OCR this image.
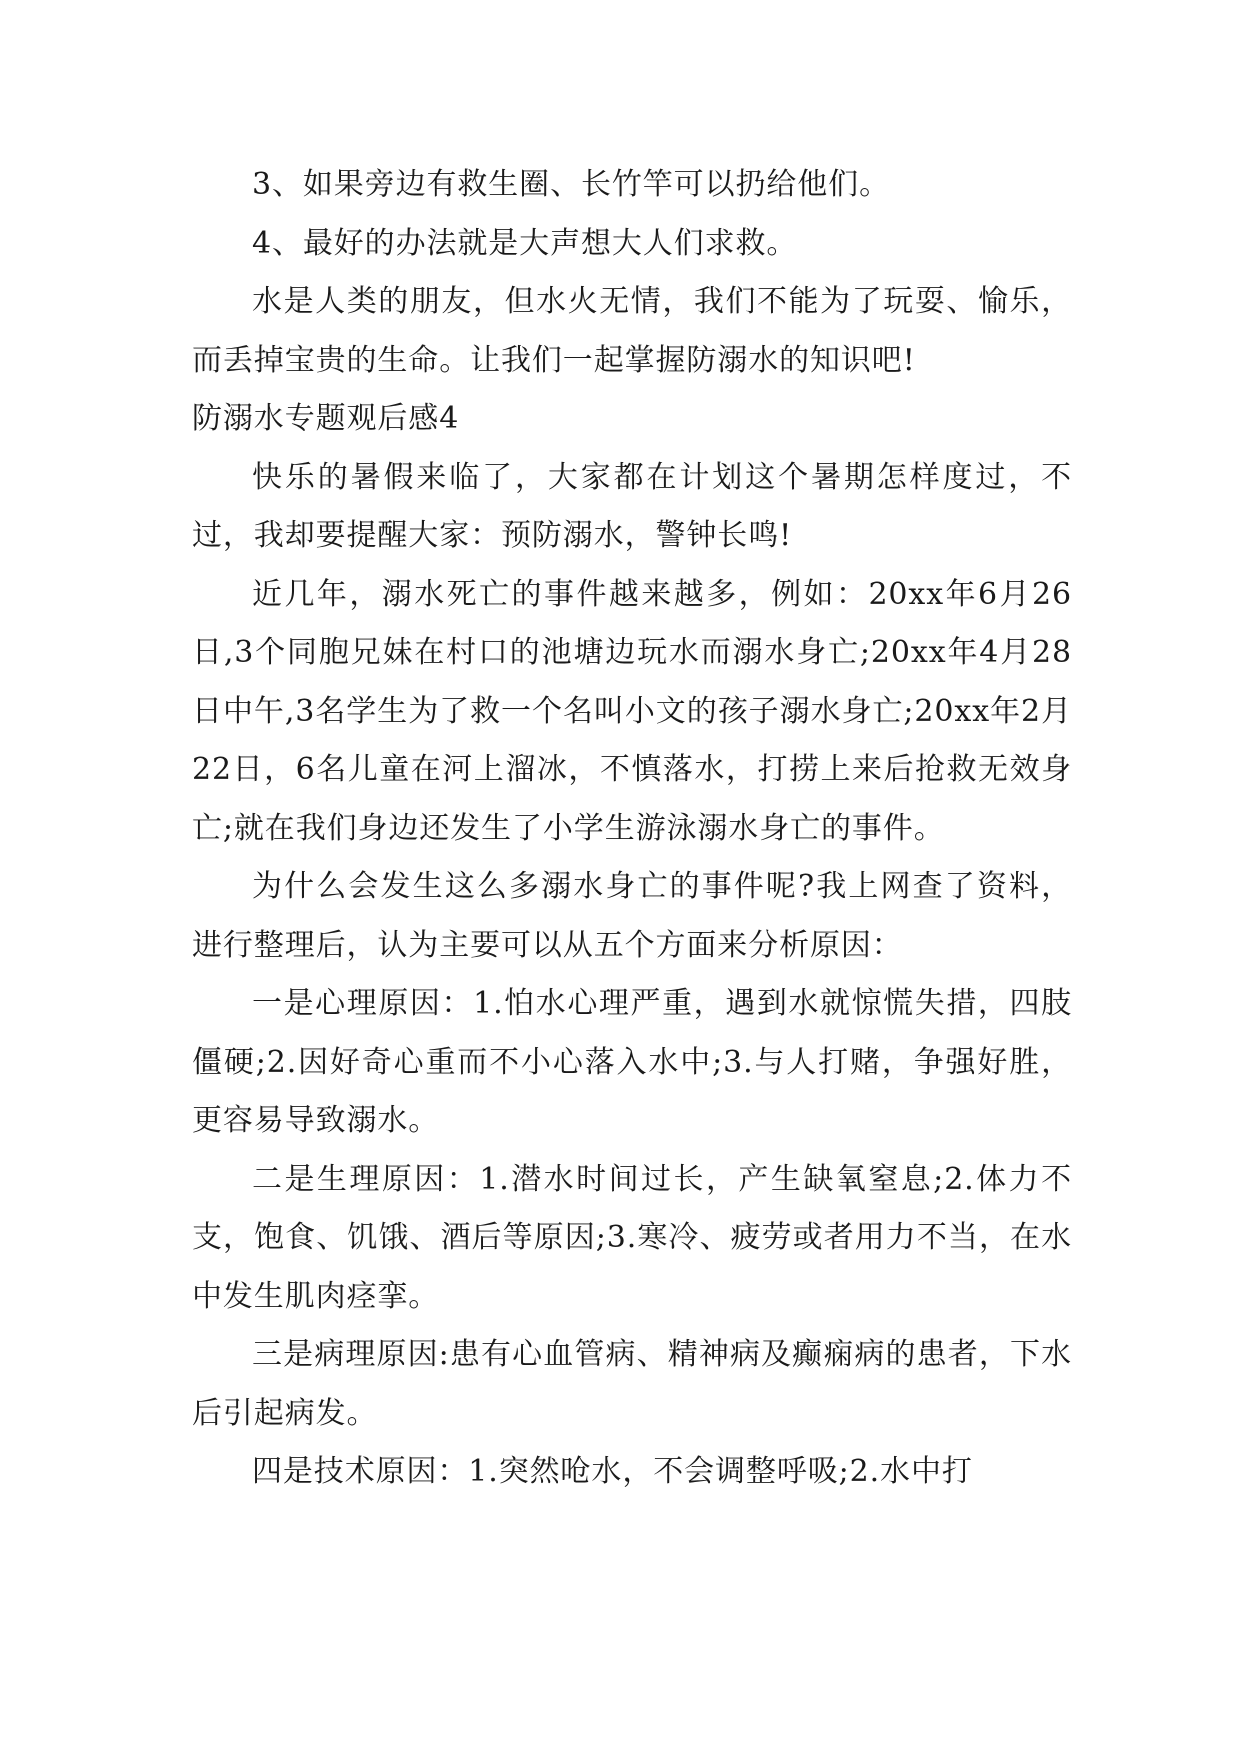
3、如果旁边有救生圈、长竹竿可以扔给他们。

4、最好的办法就是大声想大人们求救。

水是人类的朋友，但水火无情，我们不能为了玩耍、愉乐，而丢掉宝贵的生命。让我们一起掌握防溺水的知识吧!

防溺水专题观后感4

快乐的暑假来临了，大家都在计划这个暑期怎样度过，不过，我却要提醒大家：预防溺水，警钟长鸣!

近几年，溺水死亡的事件越来越多，例如：20xx年6月26日,3个同胞兄妹在村口的池塘边玩水而溺水身亡;20xx年4月28日中午,3名学生为了救一个名叫小文的孩子溺水身亡;20xx年2月22日，6名儿童在河上溜冰，不慎落水，打捞上来后抢救无效身亡;就在我们身边还发生了小学生游泳溺水身亡的事件。

为什么会发生这么多溺水身亡的事件呢?我上网查了资料，进行整理后，认为主要可以从五个方面来分析原因：

一是心理原因：1.怕水心理严重，遇到水就惊慌失措，四肢僵硬;2.因好奇心重而不小心落入水中;3.与人打赌，争强好胜，更容易导致溺水。

二是生理原因：1.潜水时间过长，产生缺氧窒息;2.体力不支，饱食、饥饿、酒后等原因;3.寒冷、疲劳或者用力不当，在水中发生肌肉痉挛。

三是病理原因:患有心血管病、精神病及癫痫病的患者，下水后引起病发。

四是技术原因：1.突然呛水，不会调整呼吸;2.水中打
